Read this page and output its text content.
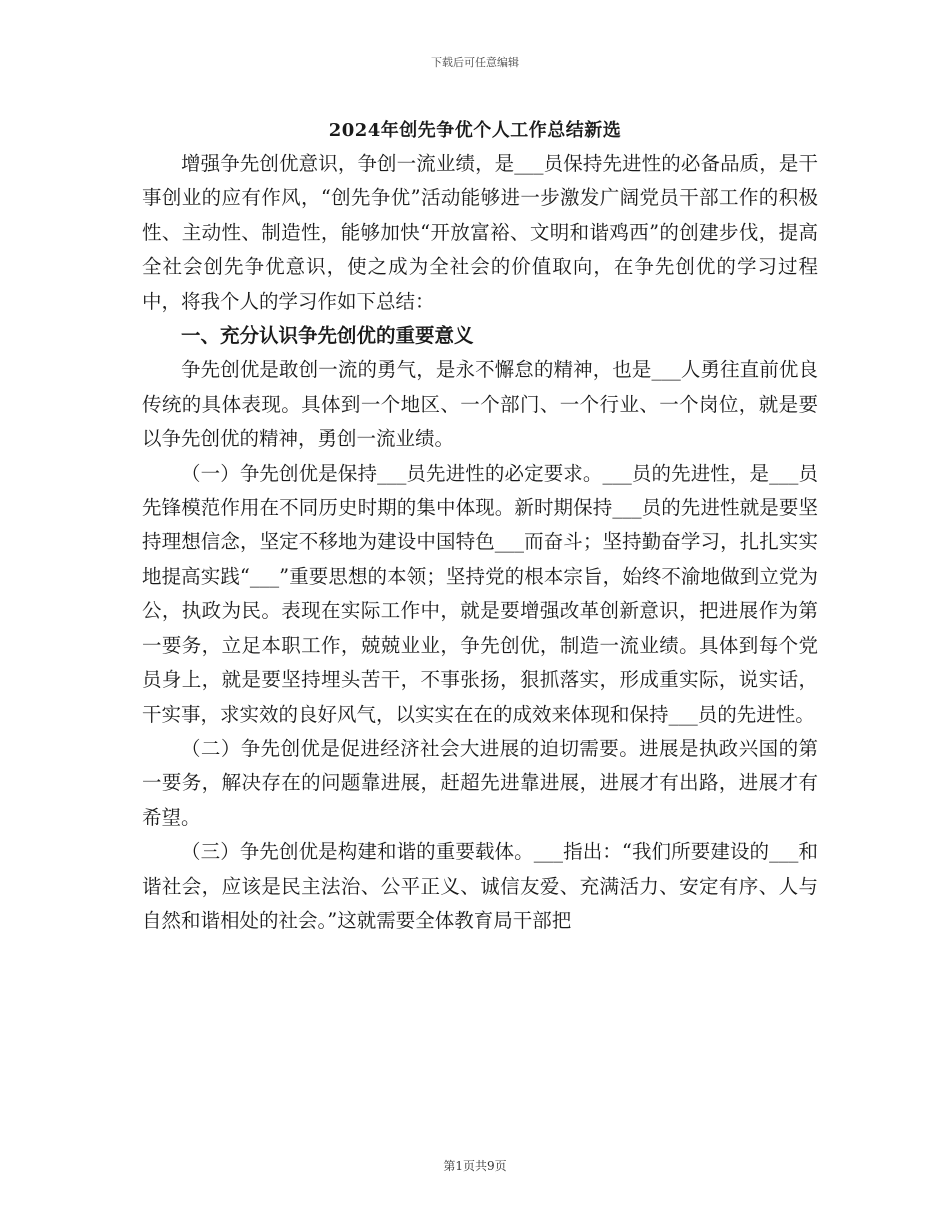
下载后可任意编辑
2024年创先争优个人工作总结新选

增强争先创优意识，争创一流业绩，是___员保持先进性的必备品质，是干事创业的应有作风，“创先争优”活动能够进一步激发广阔党员干部工作的积极性、主动性、制造性，能够加快“开放富裕、文明和谐鸡西”的创建步伐，提高全社会创先争优意识，使之成为全社会的价值取向，在争先创优的学习过程中，将我个人的学习作如下总结：

一、充分认识争先创优的重要意义

争先创优是敢创一流的勇气，是永不懈怠的精神，也是___人勇往直前优良传统的具体表现。具体到一个地区、一个部门、一个行业、一个岗位，就是要以争先创优的精神，勇创一流业绩。

（一）争先创优是保持___员先进性的必定要求。___员的先进性，是___员先锋模范作用在不同历史时期的集中体现。新时期保持___员的先进性就是要坚持理想信念，坚定不移地为建设中国特色___而奋斗；坚持勤奋学习，扎扎实实地提高实践“___”重要思想的本领；坚持党的根本宗旨，始终不渝地做到立党为公，执政为民。表现在实际工作中，就是要增强改革创新意识，把进展作为第一要务，立足本职工作，兢兢业业，争先创优，制造一流业绩。具体到每个党员身上，就是要坚持埋头苦干，不事张扬，狠抓落实，形成重实际，说实话，干实事，求实效的良好风气，以实实在在的成效来体现和保持___员的先进性。

（二）争先创优是促进经济社会大进展的迫切需要。进展是执政兴国的第一要务，解决存在的问题靠进展，赶超先进靠进展，进展才有出路，进展才有希望。

（三）争先创优是构建和谐的重要载体。___指出：“我们所要建设的___和谐社会，应该是民主法治、公平正义、诚信友爱、充满活力、安定有序、人与自然和谐相处的社会。”这就需要全体教育局干部把

第1页共9页
